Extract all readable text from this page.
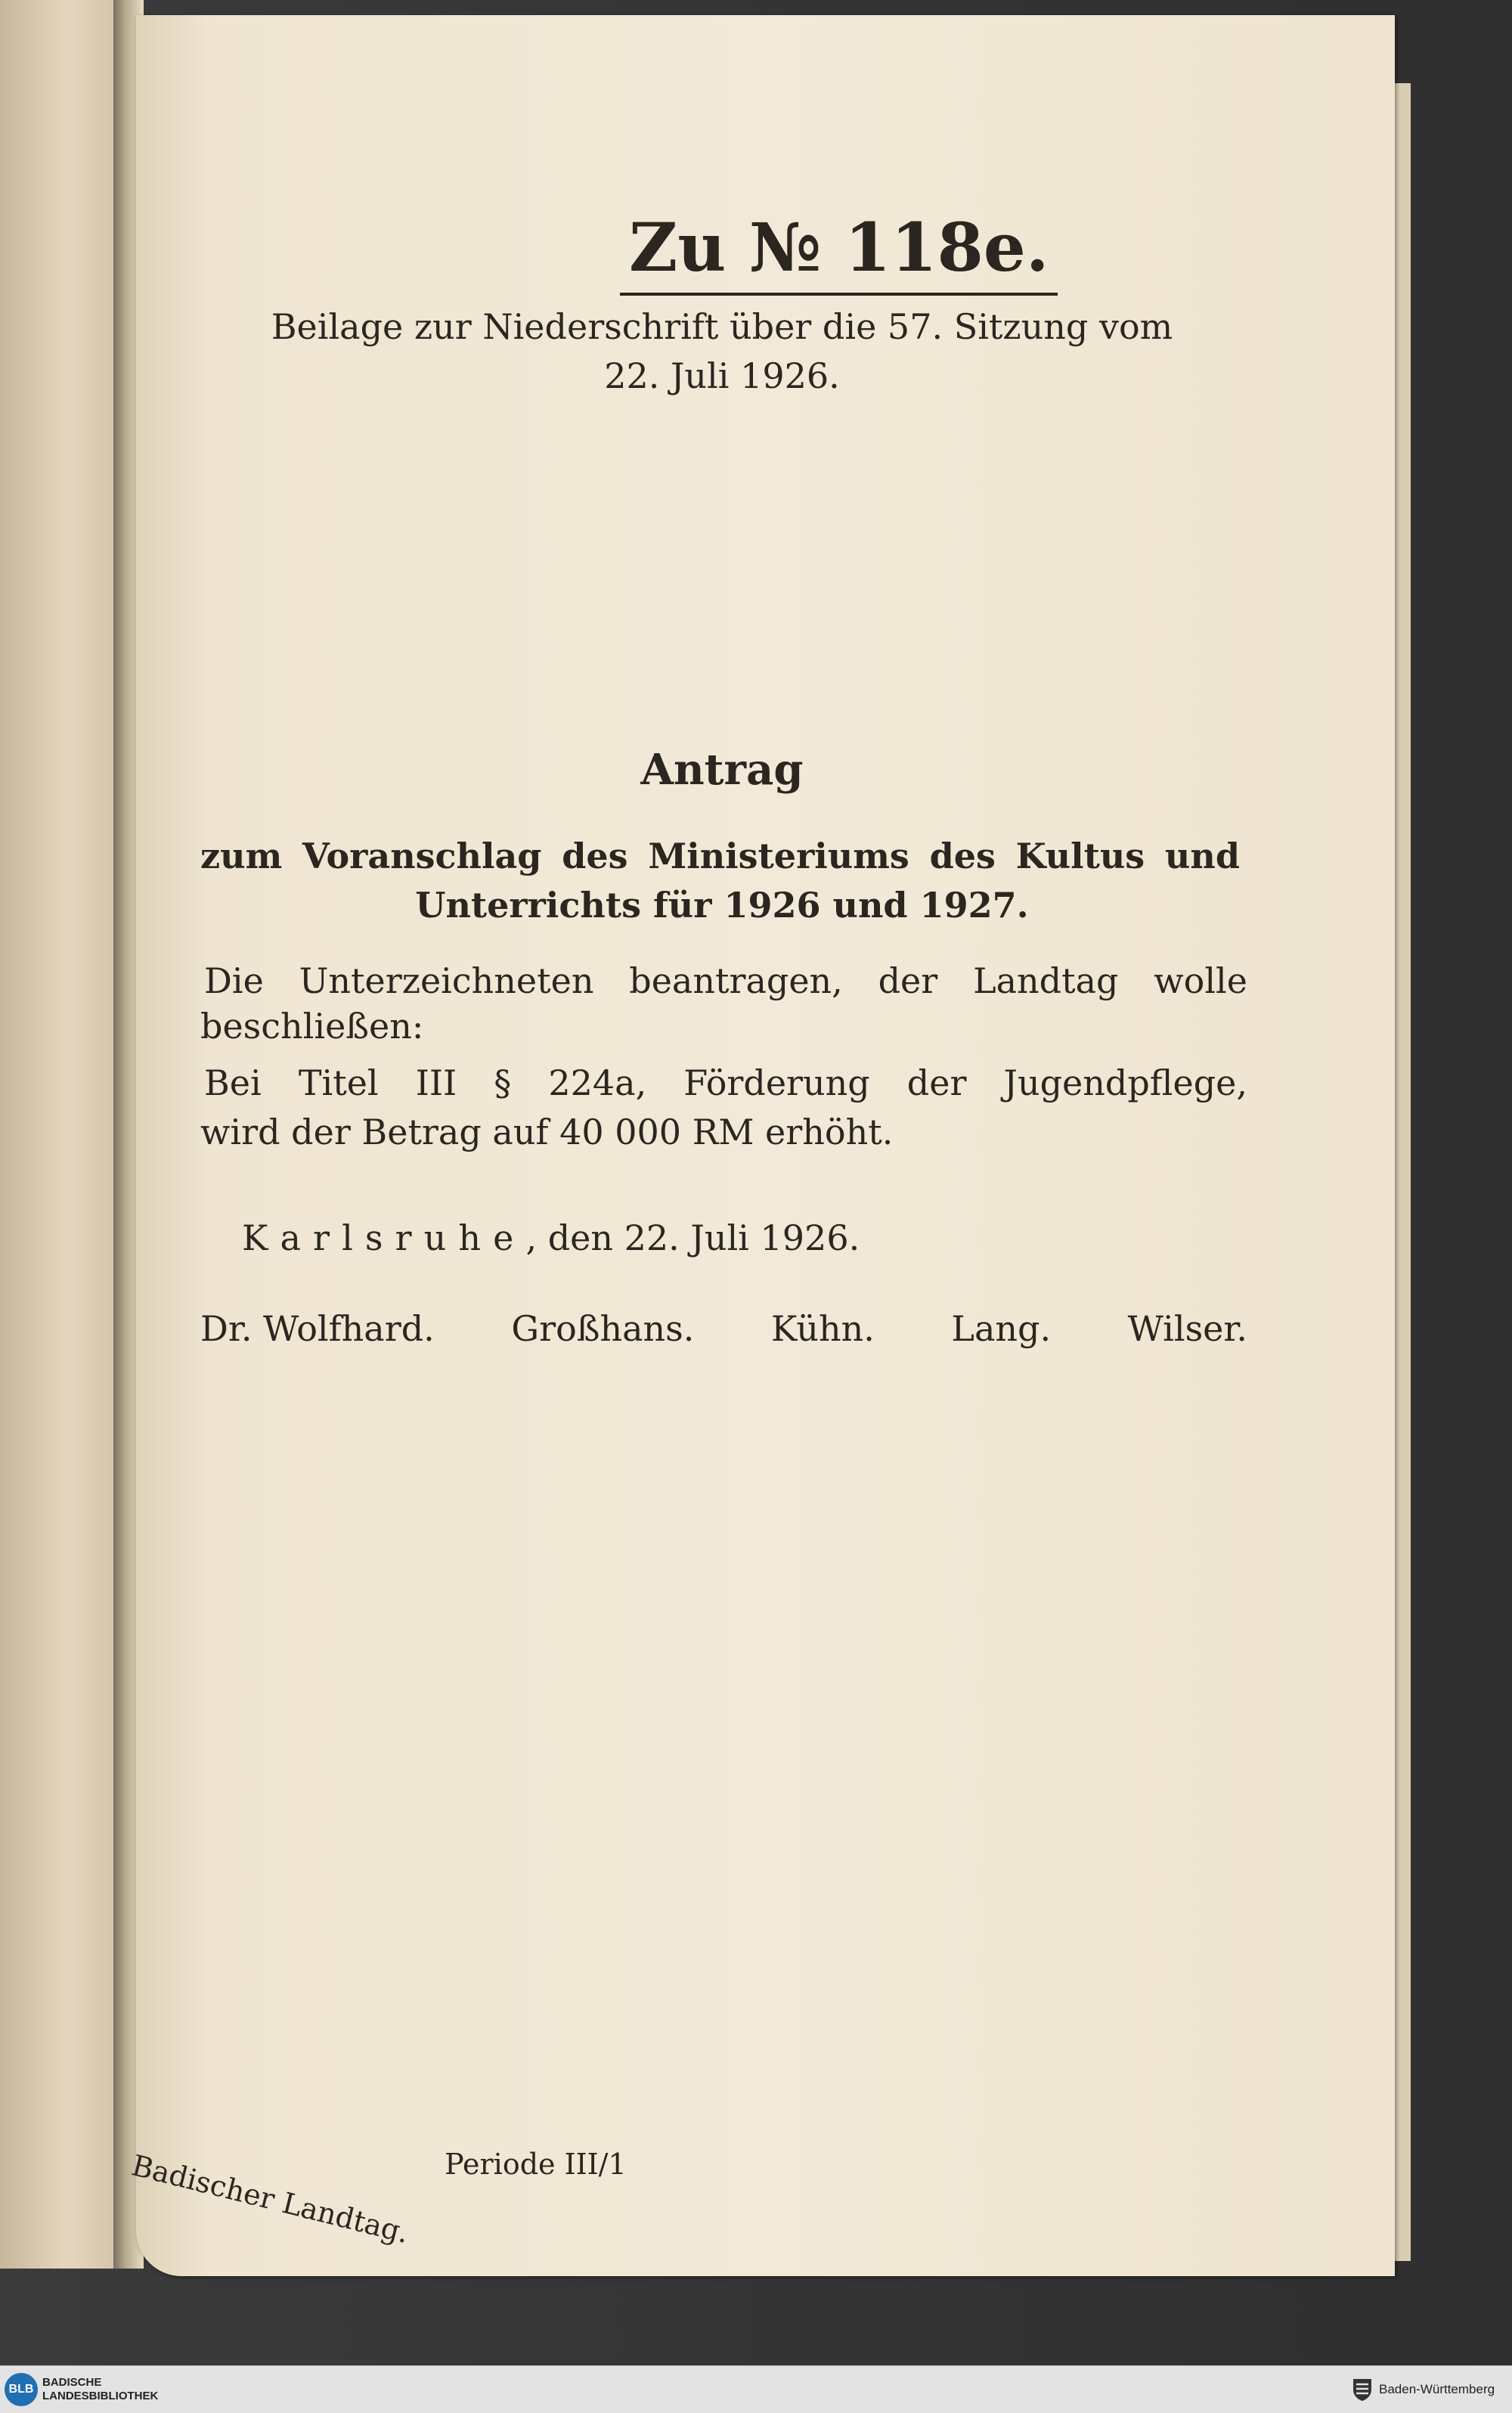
Zu № 118e.
Beilage zur Niederschrift über die 57. Sitzung vom
22. Juli 1926.
Antrag
zum Voranschlag des Ministeriums des Kultus und
Unterrichts für 1926 und 1927.
Die Unterzeichneten beantragen, der Landtag wolle
beschließen:
Bei Titel III § 224a, Förderung der Jugendpflege,
wird der Betrag auf 40 000 RM erhöht.
Karlsruhe, den 22. Juli 1926.
Dr. Wolfhard. Großhans. Kühn. Lang. Wilser.
Badischer Landtag. Periode III/1
BLB
BADISCHE
LANDESBIBLIOTHEK	Baden-Württemberg
